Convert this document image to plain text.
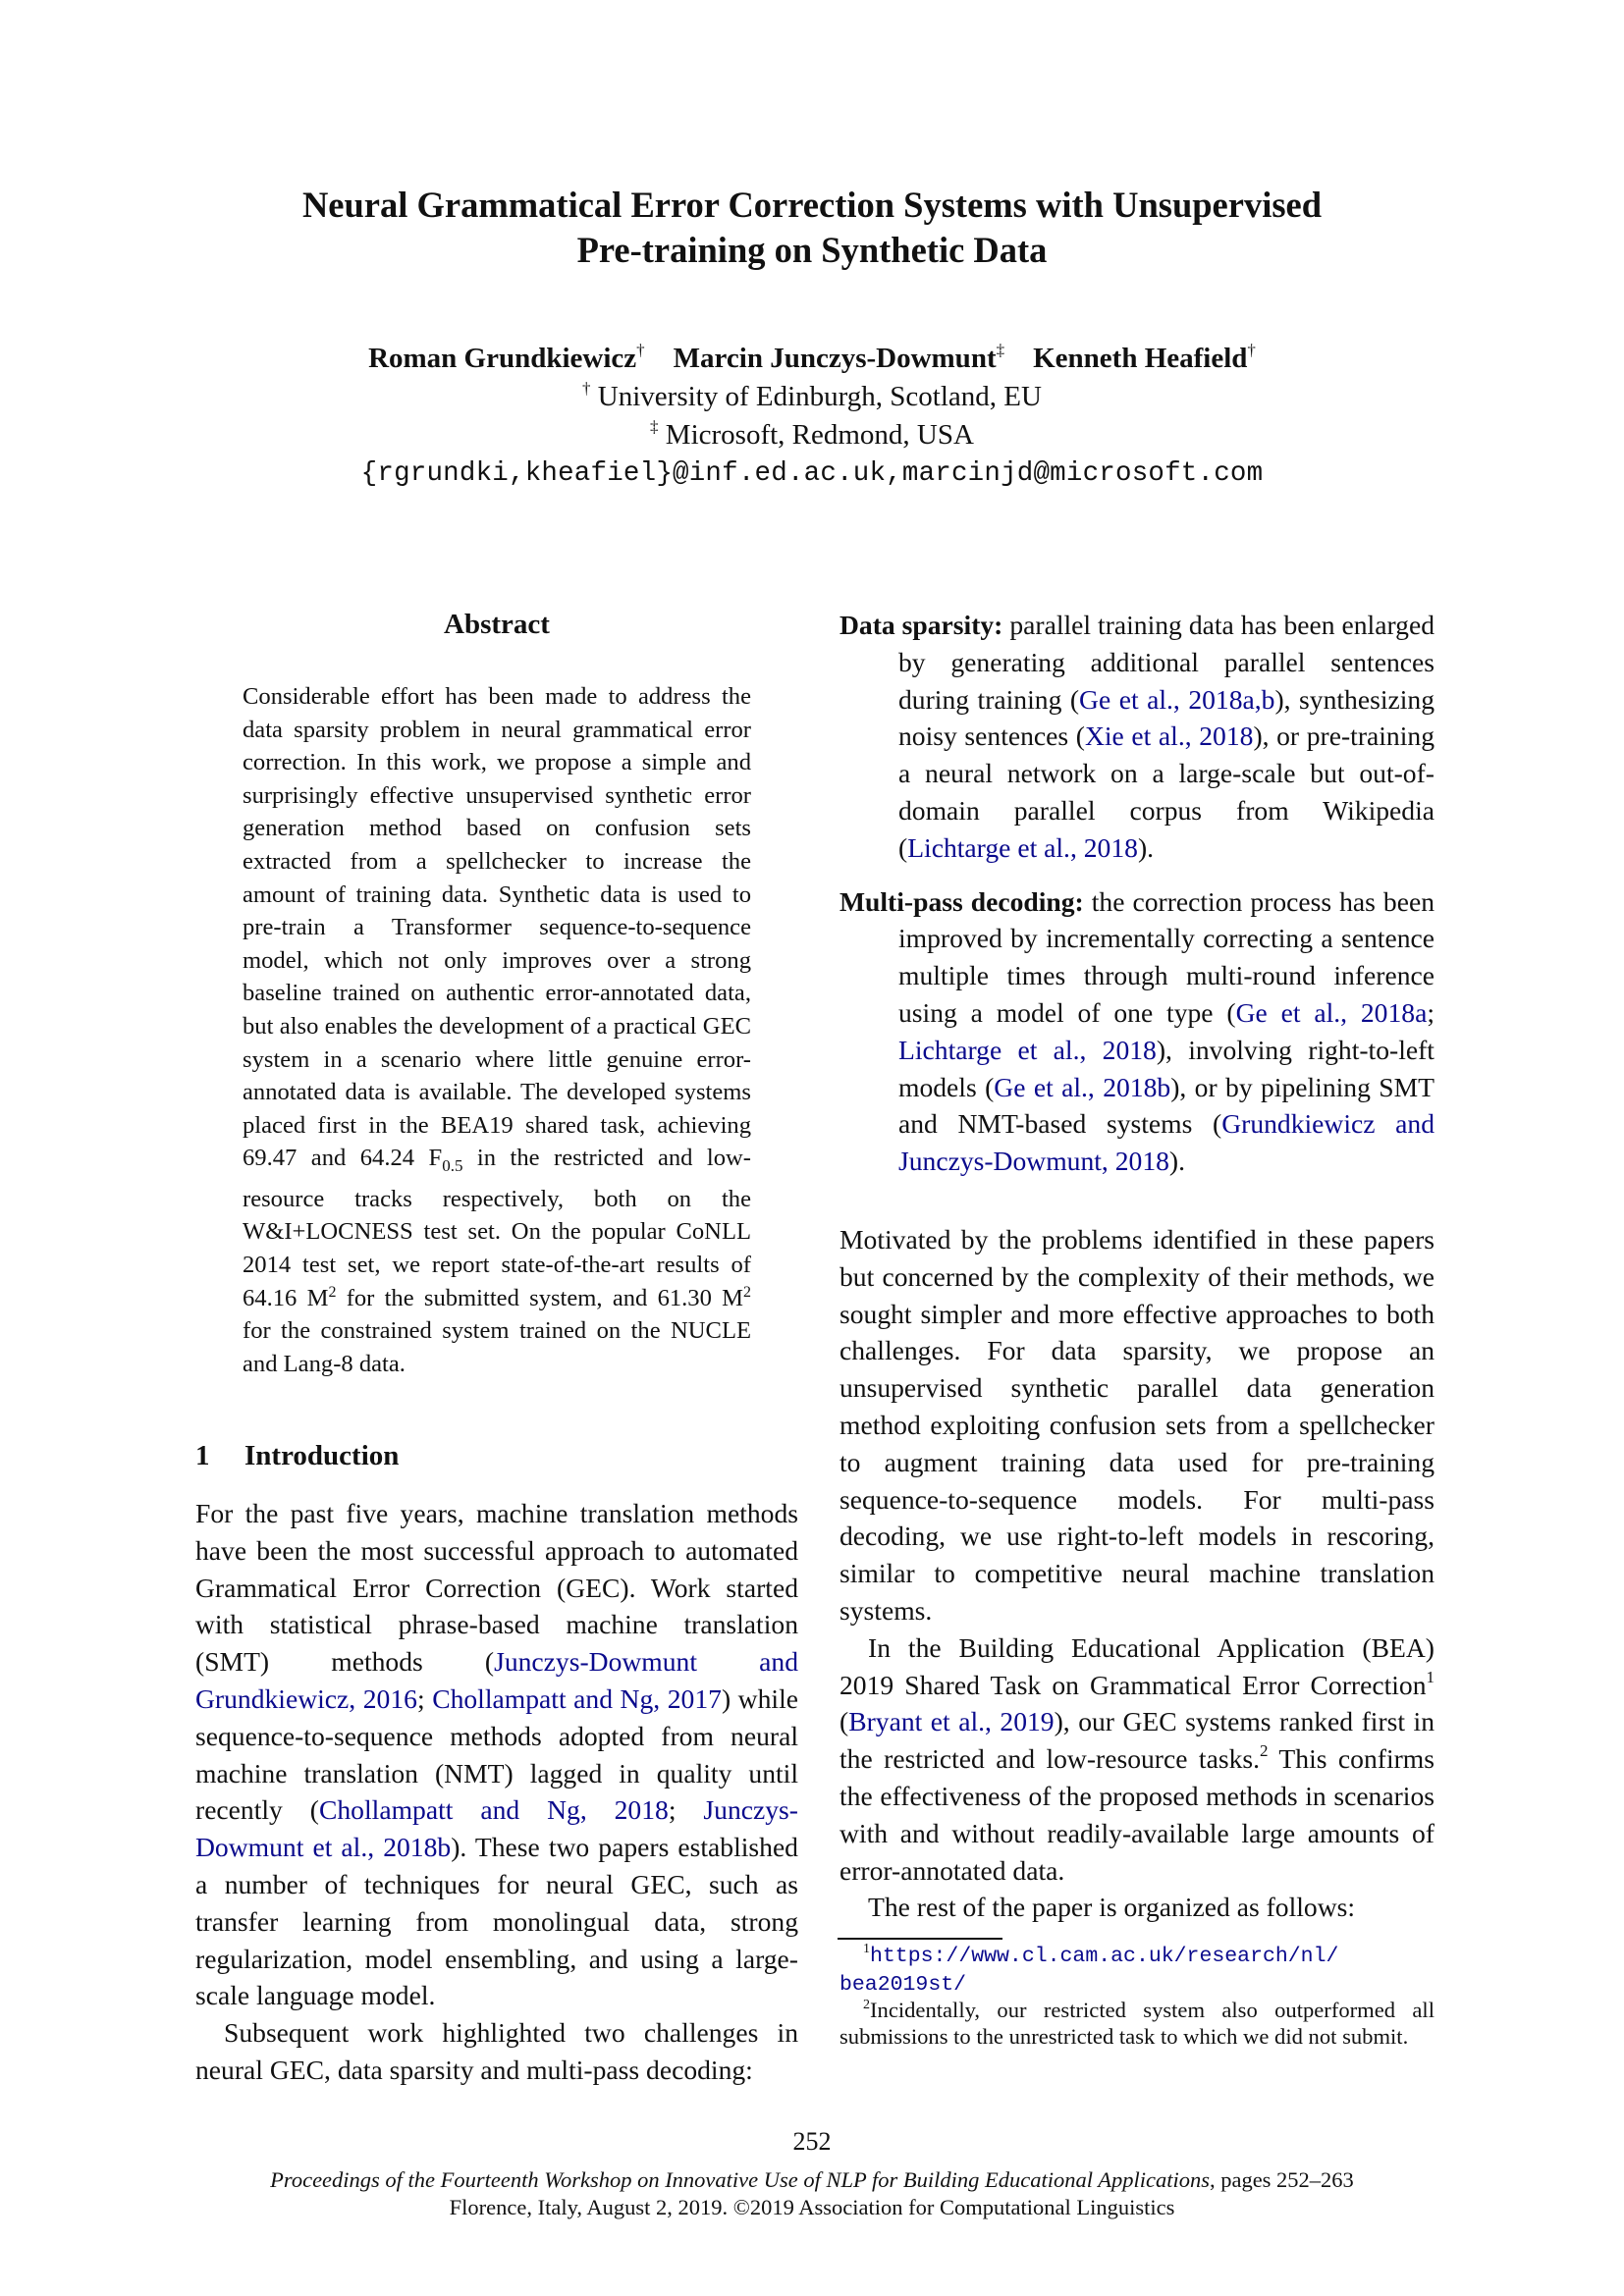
Neural Grammatical Error Correction Systems with Unsupervised
Pre-training on Synthetic Data
Roman Grundkiewicz† Marcin Junczys-Dowmunt‡ Kenneth Heafield†
† University of Edinburgh, Scotland, EU
‡ Microsoft, Redmond, USA
{rgrundki,kheafiel}@inf.ed.ac.uk,marcinjd@microsoft.com
Abstract
Considerable effort has been made to address the data sparsity problem in neural grammatical error correction. In this work, we propose a simple and surprisingly effective unsupervised synthetic error generation method based on confusion sets extracted from a spellchecker to increase the amount of training data. Synthetic data is used to pre-train a Transformer sequence-to-sequence model, which not only improves over a strong baseline trained on authentic error-annotated data, but also enables the development of a practical GEC system in a scenario where little genuine error-annotated data is available. The developed systems placed first in the BEA19 shared task, achieving 69.47 and 64.24 $F_{0.5}$ in the restricted and low-resource tracks respectively, both on the W&I+LOCNESS test set. On the popular CoNLL 2014 test set, we report state-of-the-art results of 64.16 $M^2$ for the submitted system, and 61.30 $M^2$ for the constrained system trained on the NUCLE and Lang-8 data.
1 Introduction

For the past five years, machine translation methods have been the most successful approach to automated Grammatical Error Correction (GEC). Work started with statistical phrase-based machine translation (SMT) methods (Junczys-Dowmunt and Grundkiewicz, 2016; Chollampatt and Ng, 2017) while sequence-to-sequence methods adopted from neural machine translation (NMT) lagged in quality until recently (Chollampatt and Ng, 2018; Junczys-Dowmunt et al., 2018b). These two papers established a number of techniques for neural GEC, such as transfer learning from monolingual data, strong regularization, model ensembling, and using a large-scale language model.

Subsequent work highlighted two challenges in neural GEC, data sparsity and multi-pass decoding:

Data sparsity: parallel training data has been enlarged by generating additional parallel sentences during training (Ge et al., 2018a,b), synthesizing noisy sentences (Xie et al., 2018), or pre-training a neural network on a large-scale but out-of-domain parallel corpus from Wikipedia (Lichtarge et al., 2018).

Multi-pass decoding: the correction process has been improved by incrementally correcting a sentence multiple times through multi-round inference using a model of one type (Ge et al., 2018a; Lichtarge et al., 2018), involving right-to-left models (Ge et al., 2018b), or by pipelining SMT and NMT-based systems (Grundkiewicz and Junczys-Dowmunt, 2018).

Motivated by the problems identified in these papers but concerned by the complexity of their methods, we sought simpler and more effective approaches to both challenges. For data sparsity, we propose an unsupervised synthetic parallel data generation method exploiting confusion sets from a spellchecker to augment training data used for pre-training sequence-to-sequence models. For multi-pass decoding, we use right-to-left models in rescoring, similar to competitive neural machine translation systems.

In the Building Educational Application (BEA) 2019 Shared Task on Grammatical Error Correction$^1$ (Bryant et al., 2019), our GEC systems ranked first in the restricted and low-resource tasks.$^2$ This confirms the effectiveness of the proposed methods in scenarios with and without readily-available large amounts of error-annotated data.

The rest of the paper is organized as follows:

$^1$https://www.cl.cam.ac.uk/research/nl/
bea2019st/

$^2$Incidentally, our restricted system also outperformed all submissions to the unrestricted task to which we did not submit.

252
Proceedings of the Fourteenth Workshop on Innovative Use of NLP for Building Educational Applications, pages 252–263
Florence, Italy, August 2, 2019. ©2019 Association for Computational Linguistics
